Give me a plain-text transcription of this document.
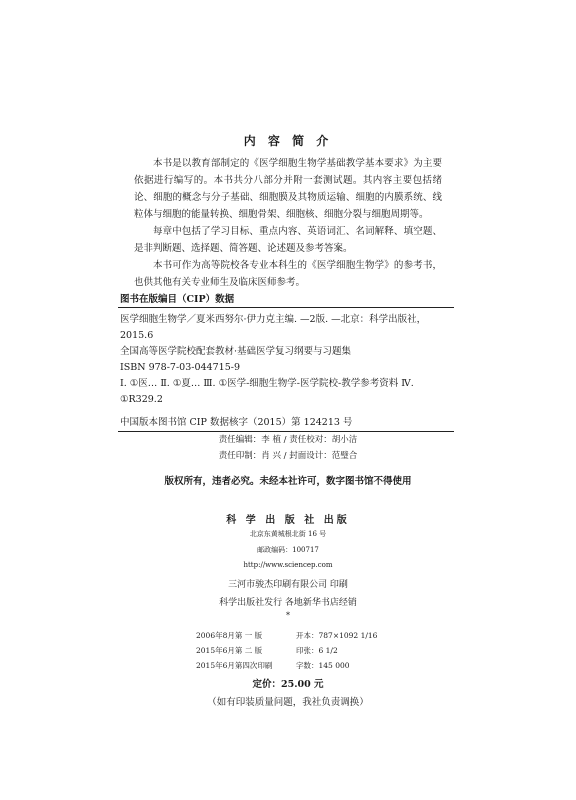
内 容 简 介

本书是以教育部制定的《医学细胞生物学基础教学基本要求》为主要依据进行编写的。本书共分八部分并附一套测试题。其内容主要包括绪论、细胞的概念与分子基础、细胞膜及其物质运输、细胞的内膜系统、线粒体与细胞的能量转换、细胞骨架、细胞核、细胞分裂与细胞周期等。

每章中包括了学习目标、重点内容、英语词汇、名词解释、填空题、是非判断题、选择题、简答题、论述题及参考答案。

本书可作为高等院校各专业本科生的《医学细胞生物学》的参考书，也供其他有关专业师生及临床医师参考。

图书在版编目（CIP）数据

医学细胞生物学／夏米西努尔·伊力克主编. —2版. —北京：科学出版社，2015.6

全国高等医学院校配套教材·基础医学复习纲要与习题集

ISBN 978-7-03-044715-9

Ⅰ. ①医… Ⅱ. ①夏… Ⅲ. ①医学-细胞生物学-医学院校-教学参考资料 Ⅳ. ①R329.2

中国版本图书馆 CIP 数据核字（2015）第 124213 号
责任编辑：李 植 / 责任校对：胡小洁
责任印制：肖 兴 / 封面设计：范璧合
版权所有，违者必究。未经本社许可，数字图书馆不得使用
科 学 出 版 社 出版
北京东黄城根北街 16 号
邮政编码：100717
http://www.sciencep.com
三河市骏杰印刷有限公司 印刷
科学出版社发行 各地新华书店经销
*
2006年8月第 一 版	开本：787×1092 1/16
2015年6月第 二 版	印张：6 1/2
2015年6月第四次印刷	字数：145 000
定价：25.00 元
（如有印装质量问题，我社负责调换）
